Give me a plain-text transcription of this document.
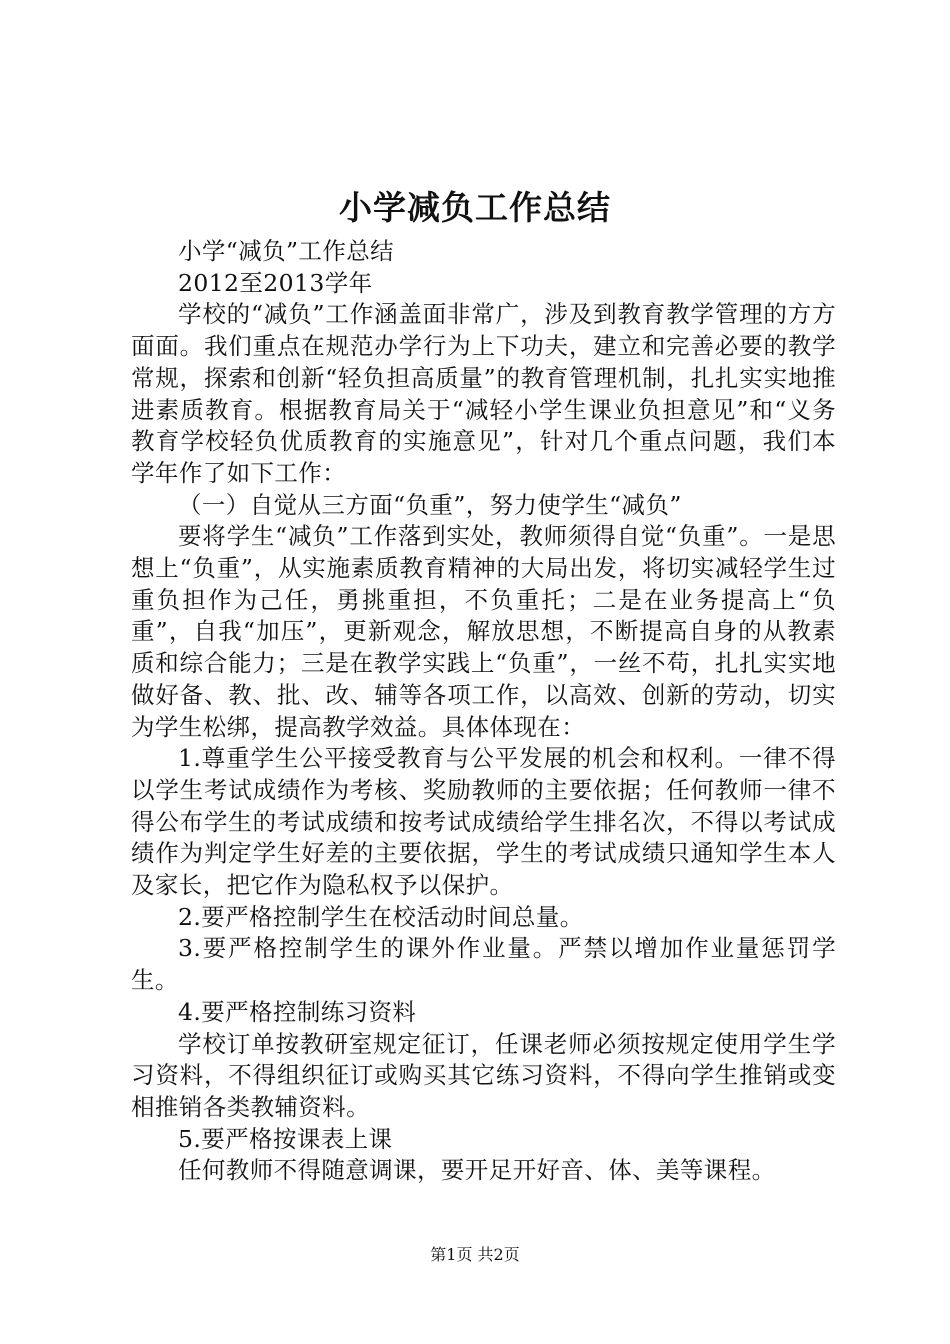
小学减负工作总结

小学“减负”工作总结

2012至2013学年

学校的“减负”工作涵盖面非常广，涉及到教育教学管理的方方面面。我们重点在规范办学行为上下功夫，建立和完善必要的教学常规，探索和创新“轻负担高质量”的教育管理机制，扎扎实实地推进素质教育。根据教育局关于“减轻小学生课业负担意见”和“义务教育学校轻负优质教育的实施意见”，针对几个重点问题，我们本学年作了如下工作：

（一）自觉从三方面“负重”，努力使学生“减负”

要将学生“减负”工作落到实处，教师须得自觉“负重”。一是思想上“负重”，从实施素质教育精神的大局出发，将切实减轻学生过重负担作为己任，勇挑重担，不负重托；二是在业务提高上“负重”，自我“加压”，更新观念，解放思想，不断提高自身的从教素质和综合能力；三是在教学实践上“负重”，一丝不苟，扎扎实实地做好备、教、批、改、辅等各项工作，以高效、创新的劳动，切实为学生松绑，提高教学效益。具体体现在：

1.尊重学生公平接受教育与公平发展的机会和权利。一律不得以学生考试成绩作为考核、奖励教师的主要依据；任何教师一律不得公布学生的考试成绩和按考试成绩给学生排名次，不得以考试成绩作为判定学生好差的主要依据，学生的考试成绩只通知学生本人及家长，把它作为隐私权予以保护。

2.要严格控制学生在校活动时间总量。

3.要严格控制学生的课外作业量。严禁以增加作业量惩罚学生。

4.要严格控制练习资料

学校订单按教研室规定征订，任课老师必须按规定使用学生学习资料，不得组织征订或购买其它练习资料，不得向学生推销或变相推销各类教辅资料。

5.要严格按课表上课

任何教师不得随意调课，要开足开好音、体、美等课程。

第1页 共2页
